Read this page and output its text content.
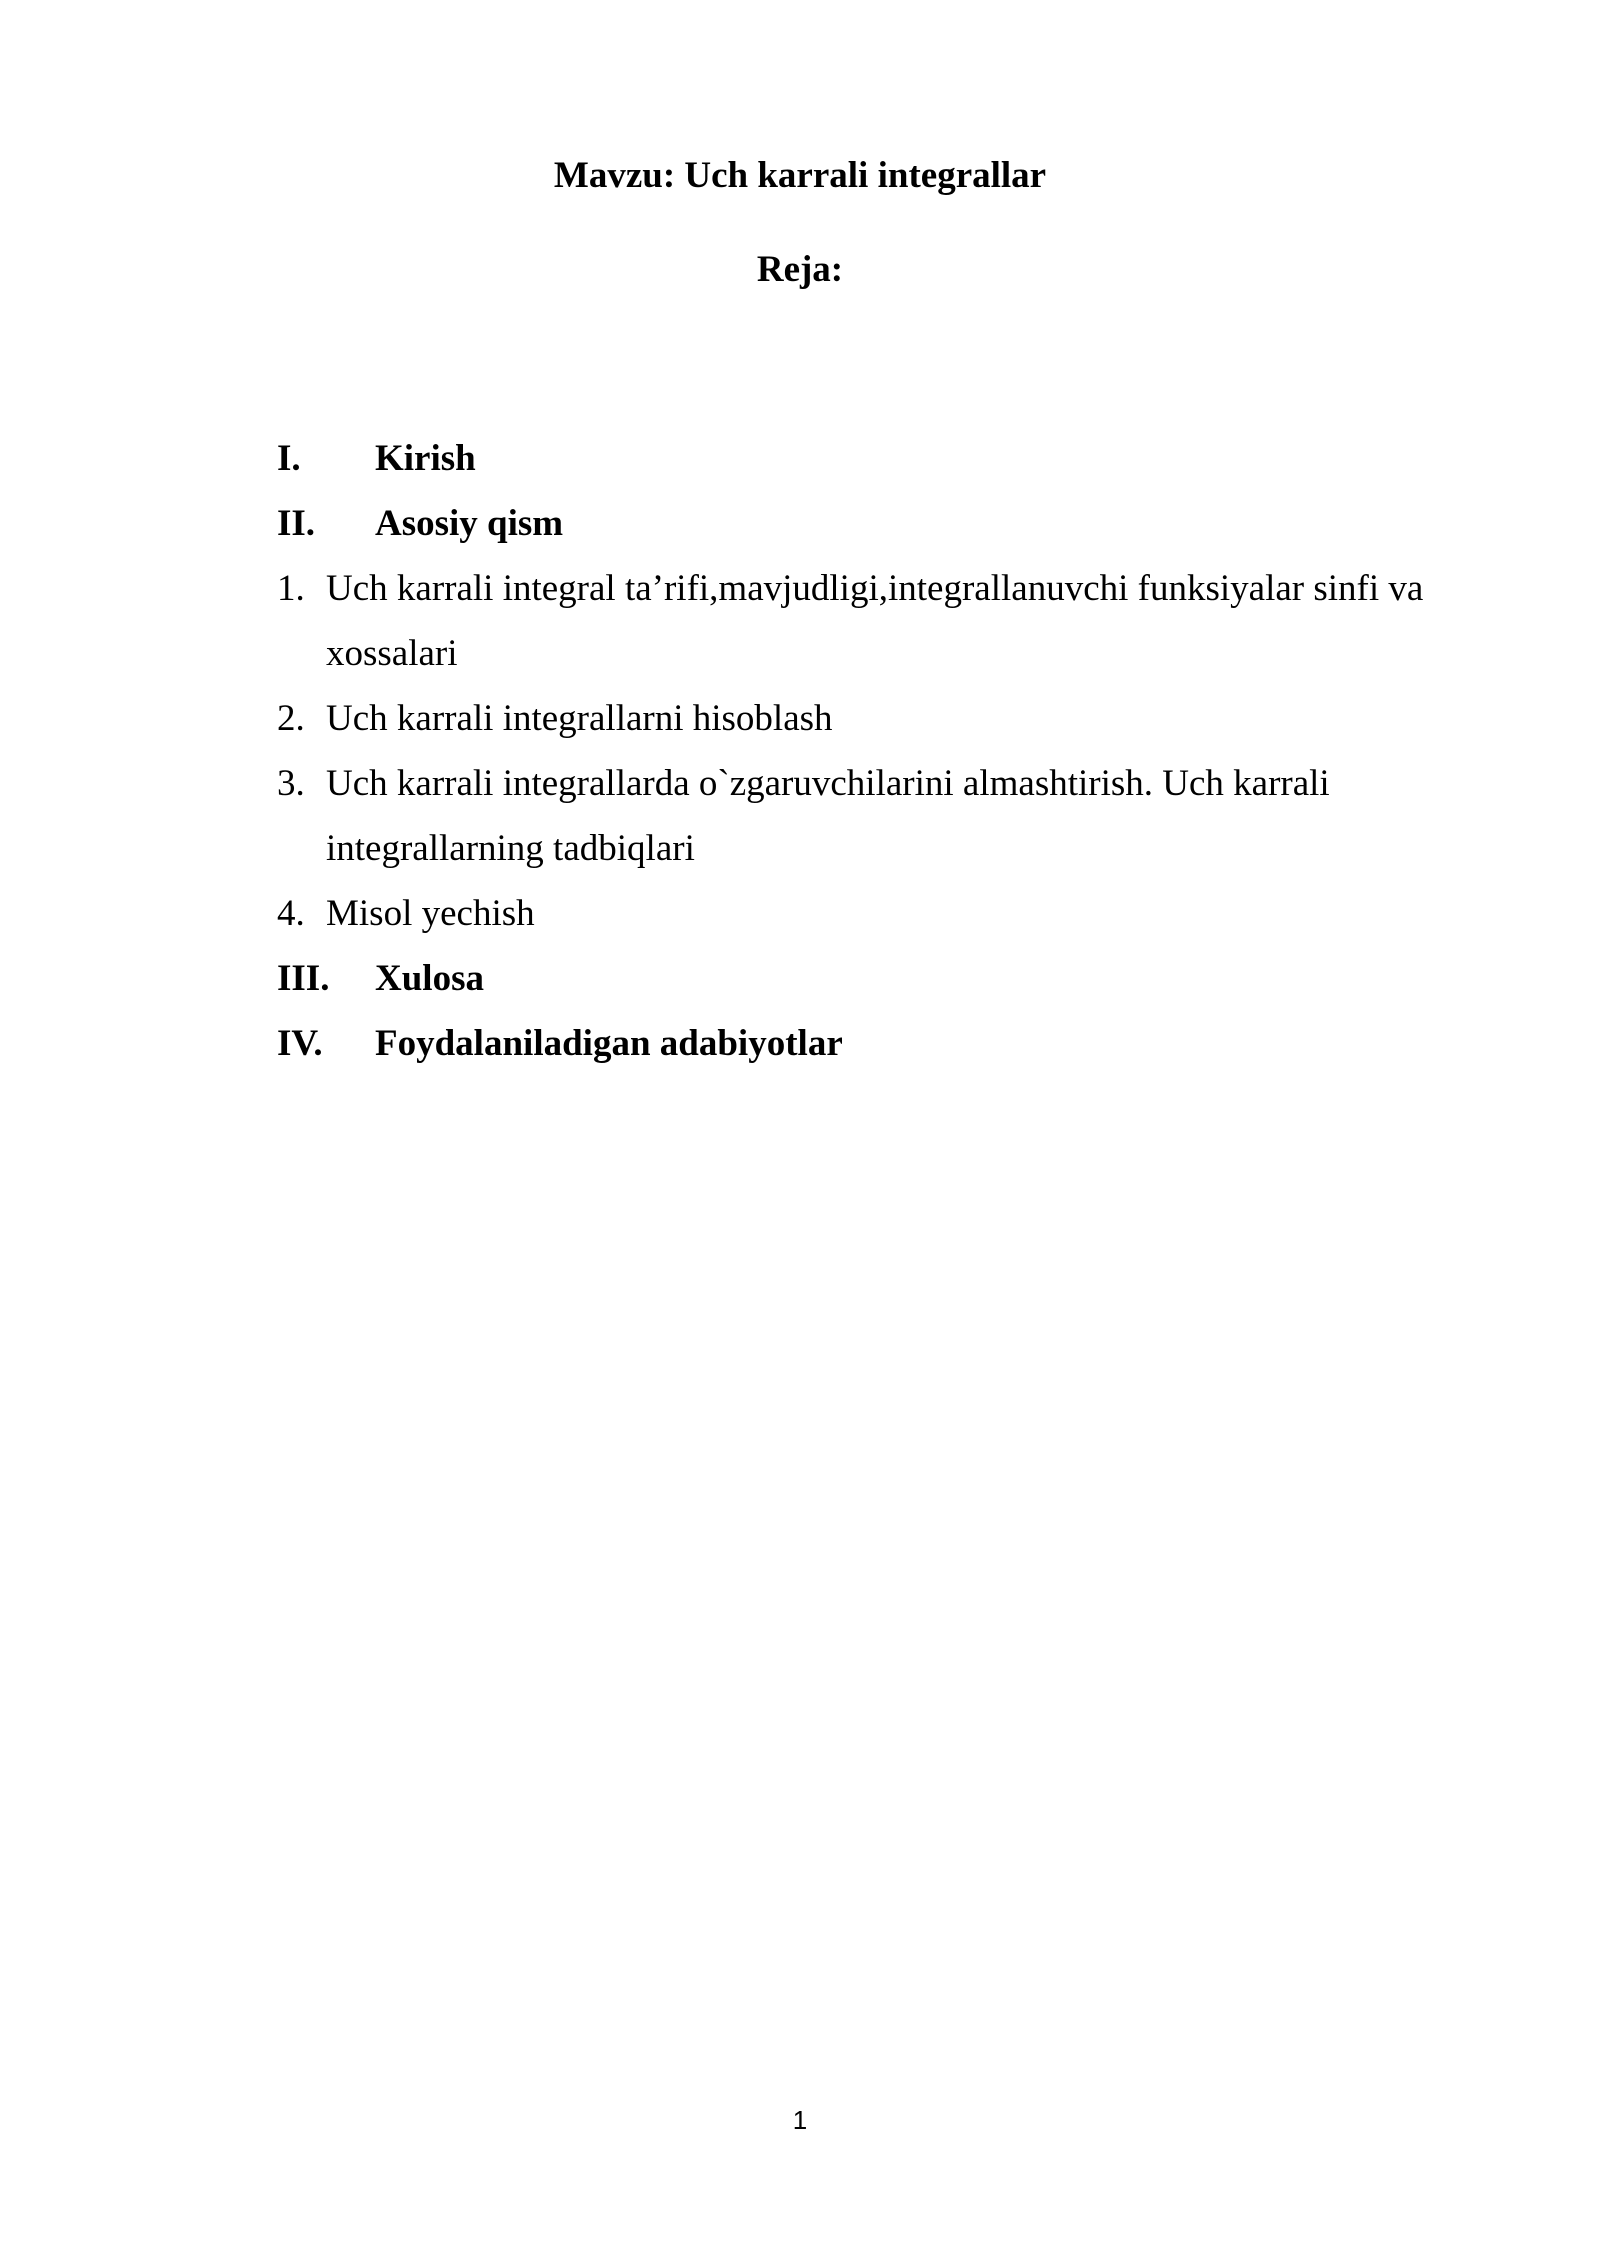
Mavzu: Uch karrali integrallar
Reja:
I.	Kirish
II.	Asosiy qism
1. Uch karrali integral ta’rifi,mavjudligi,integrallanuvchi funksiyalar sinfi va xossalari
2. Uch karrali integrallarni hisoblash
3. Uch karrali integrallarda o`zgaruvchilarini almashtirish. Uch karrali integrallarning tadbiqlari
4. Misol yechish
III.	Xulosa
IV.	Foydalaniladigan adabiyotlar
1
